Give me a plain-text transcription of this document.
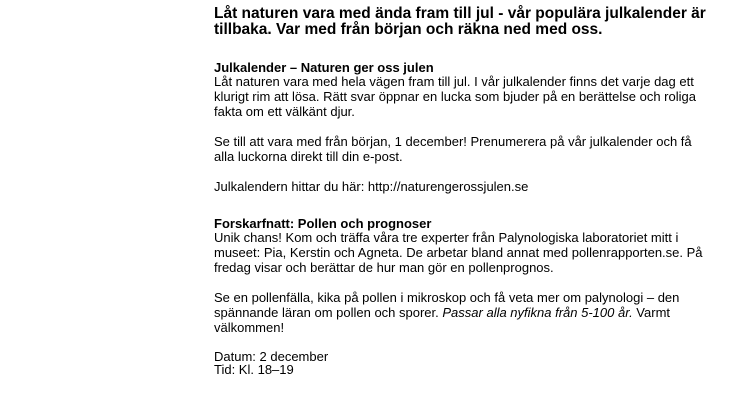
Låt naturen vara med ända fram till jul - vår populära julkalender är tillbaka. Var med från början och räkna ned med oss.
Julkalender – Naturen ger oss julen

Låt naturen vara med hela vägen fram till jul. I vår julkalender finns det varje dag ett klurigt rim att lösa. Rätt svar öppnar en lucka som bjuder på en berättelse och roliga fakta om ett välkänt djur.

Se till att vara med från början, 1 december! Prenumerera på vår julkalender och få alla luckorna direkt till din e-post.

Julkalendern hittar du här: http://naturengerossjulen.se

Forskarfnatt: Pollen och prognoser

Unik chans! Kom och träffa våra tre experter från Palynologiska laboratoriet mitt i museet: Pia, Kerstin och Agneta. De arbetar bland annat med pollenrapporten.se. På fredag visar och berättar de hur man gör en pollenprognos.

Se en pollenfälla, kika på pollen i mikroskop och få veta mer om palynologi – den spännande läran om pollen och sporer. Passar alla nyfikna från 5-100 år. Varmt välkommen!

Datum: 2 december
Tid: Kl. 18–19
